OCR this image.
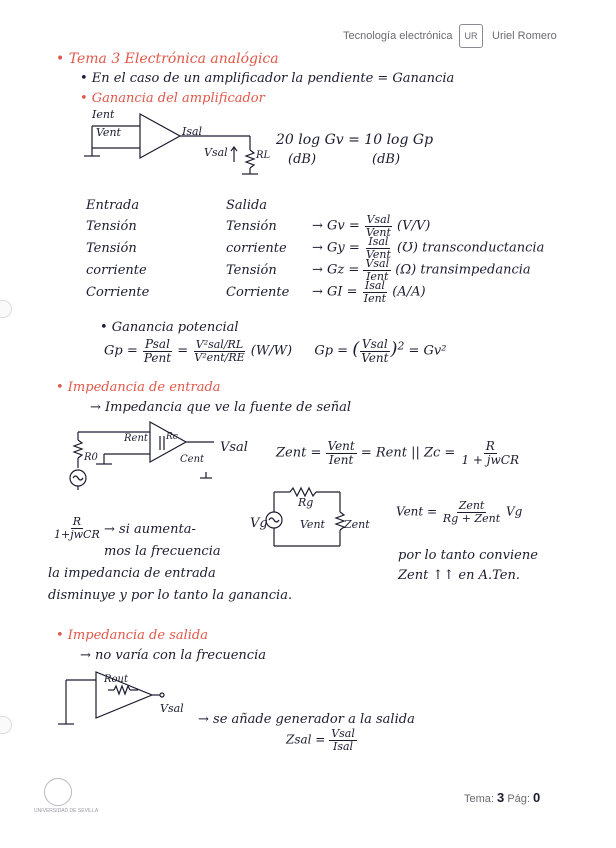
Tecnología electrónica	UR	Uriel Romero
• Tema 3 Electrónica analógica
• En el caso de un amplificador la pendiente = Ganancia
• Ganancia del amplificador
Ient
Vent	Isal
Vsal	RL
20 log Gv = 10 log Gp
(dB)	(dB)
Entrada	Salida
Tensión	Tensión	→ $Gv = \frac{\text{Vsal}}{\text{Vent}} (V/V)$
Tensión	corriente → $Gy = \frac{\text{Isal}}{\text{Vent}}$ (Ʊ) transconductancia
corriente	Tensión	→ $Gz = \frac{\text{Vsal}}{\text{Ient}} (\Omega)$ transimpedancia
Corriente	Corriente → GI = $\frac{\text{Isal}}{\text{Ient}} (A/A)$
• Ganancia potencial
$Gp = \frac{\text{Psal}}{\text{Pent}} = \frac{\text{V²sal/RL}}{\text{V²ent/RE}} (W/W) Gp$ = ( $\frac{\text{Vsal}}{\text{Vent}} )^2 = Gv^2$
• Impedancia de entrada
→ Impedancia que ve la fuente de señal
Rent Rc
Cent
Vsal
R0	Zent = $\frac{\text{Vent}}{\text{Ient}}$ = Rent || $Zc = \frac{R}{\text{1 + jwCR}}$
Rg
Vg	Vent Zent
Vent = $\frac{\text{Zent}}{\text{Rg + Zent}}$ Vg
$\frac{R}{\text{1+jwCR}}$ → si aumenta-
mos la frecuencia
la impedancia de entrada
disminuye y por lo tanto la ganancia.
por lo tanto conviene
Zent ↑↑ en A.Ten.
• Impedancia de salida
→ no varía con la frecuencia
Rout
Vsal
→ se añade generador a la salida
Zsal = $\frac{\text{Vsal}}{\text{Isal}}$
UNIVERSIDAD DE SEVILLA
Tema: 3 Pág: 0
